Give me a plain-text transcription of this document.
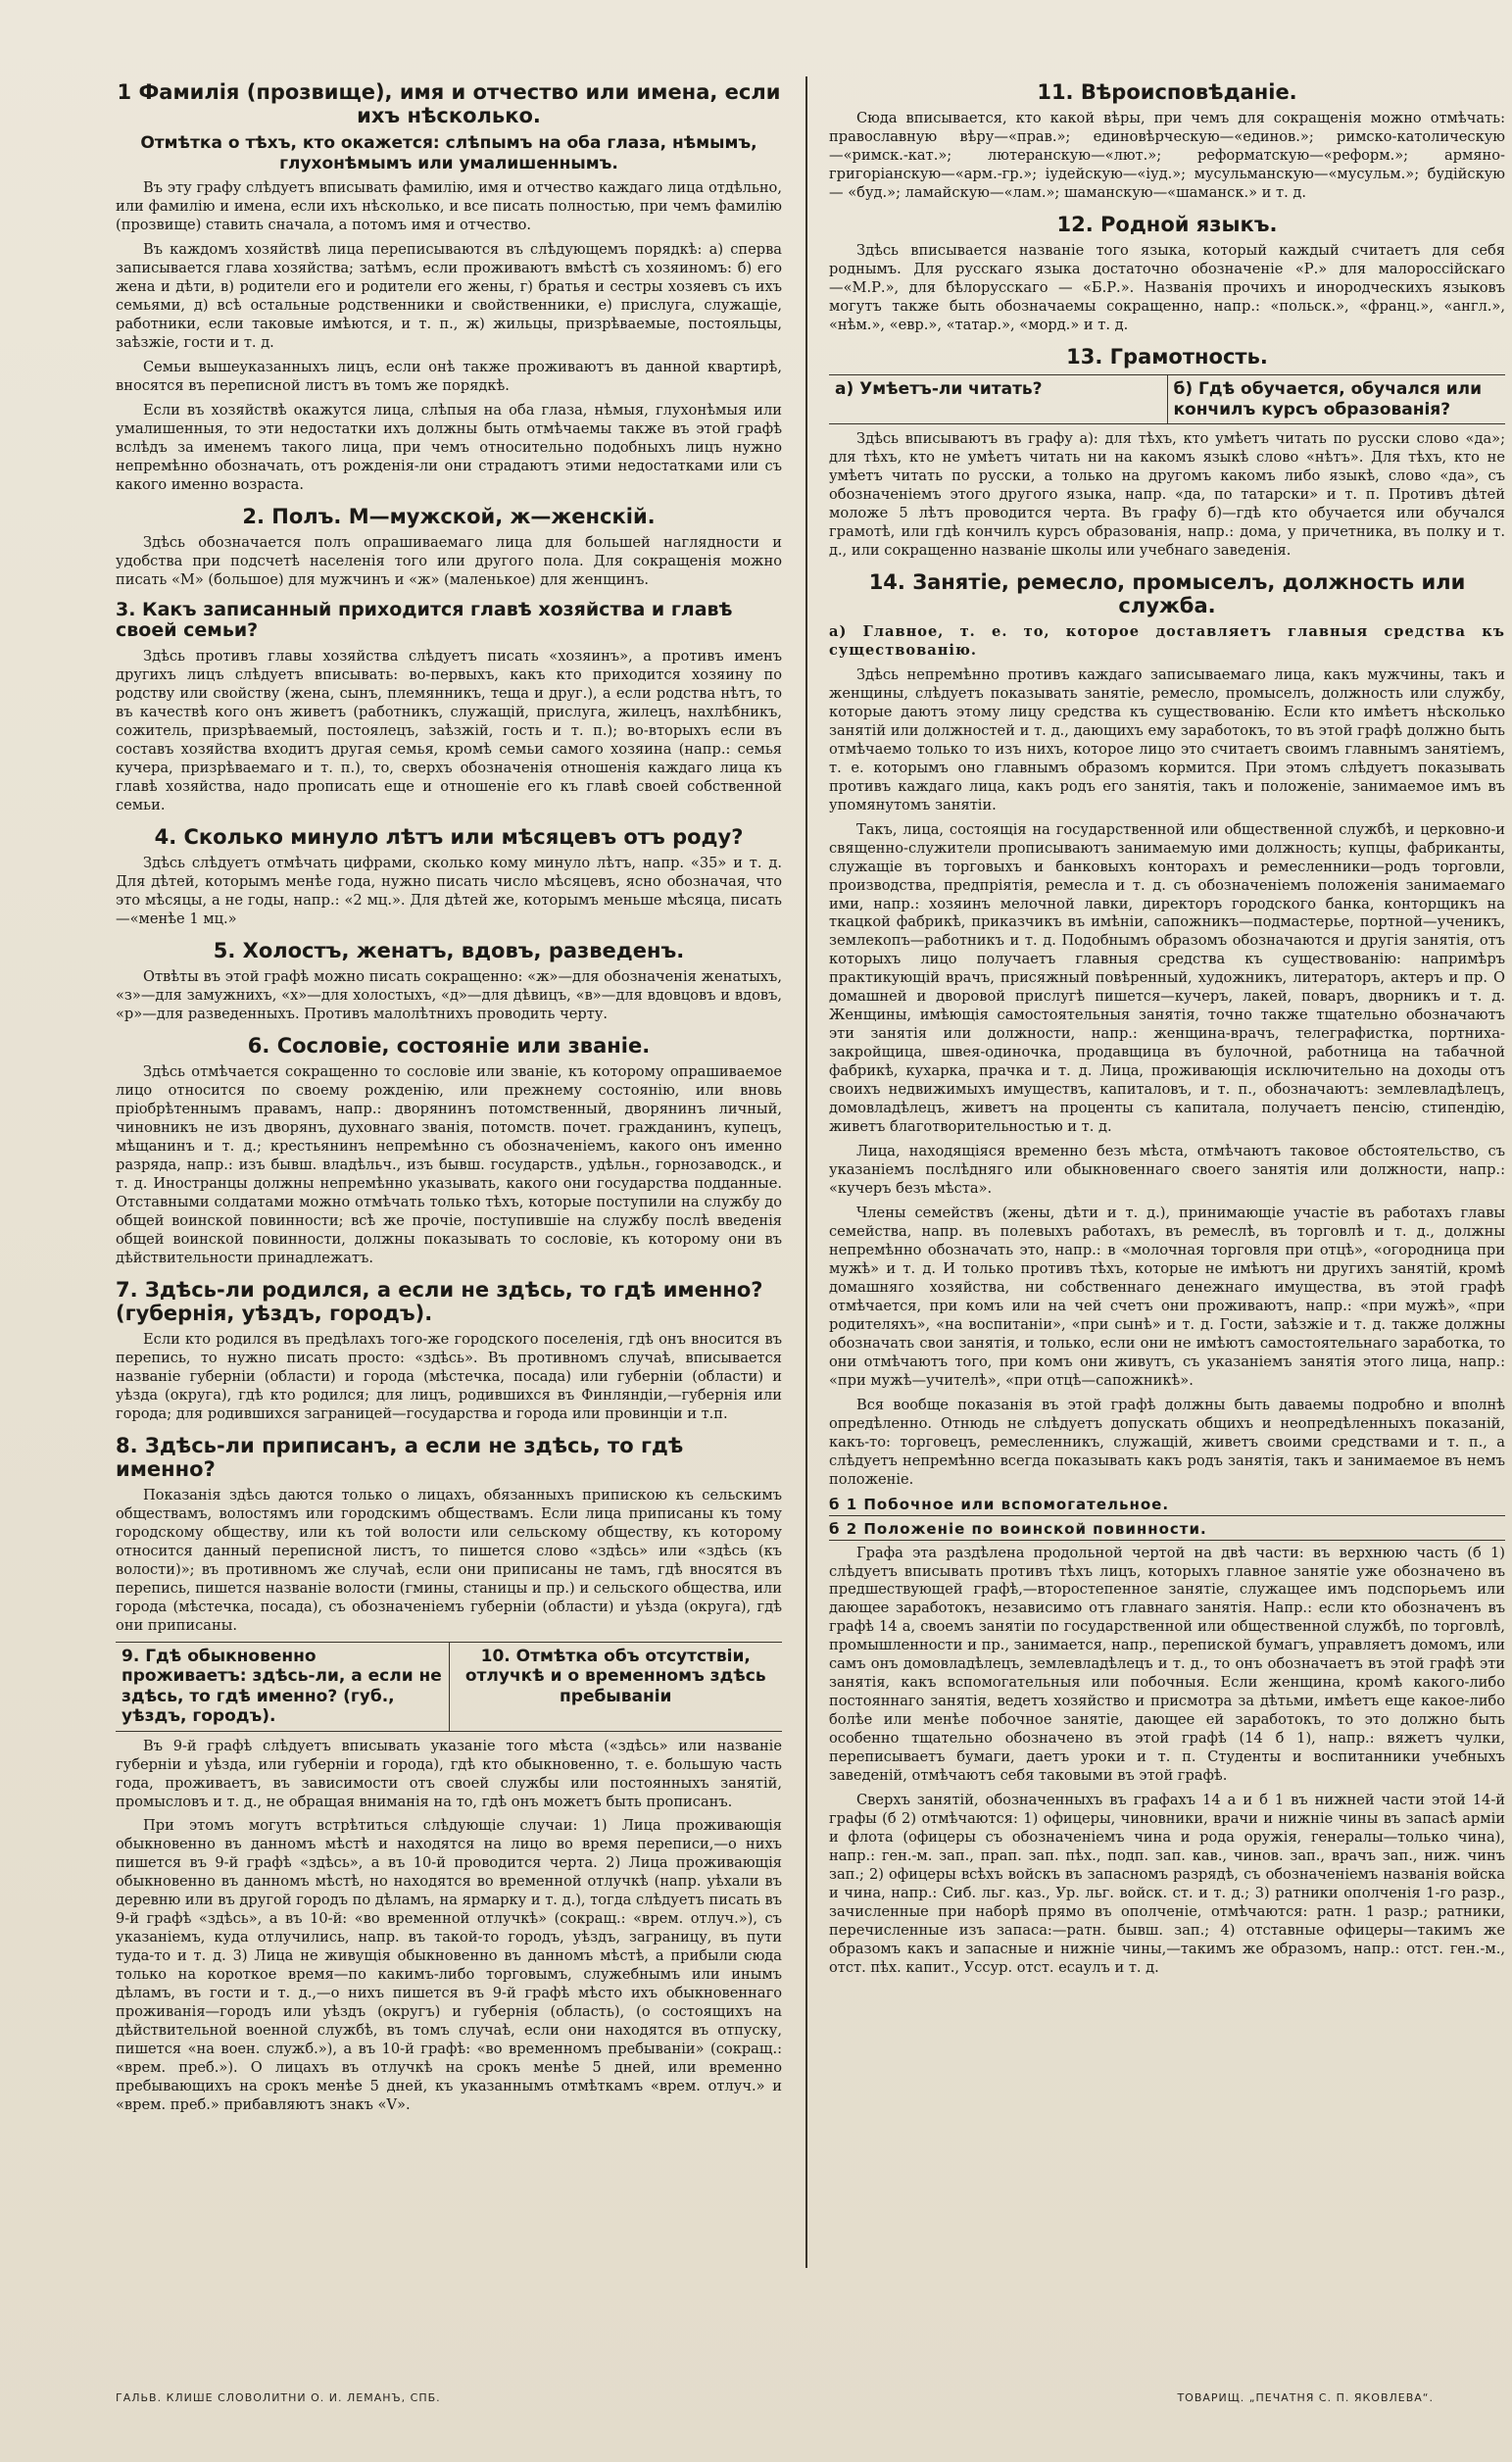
1 Фамилія (прозвище), имя и отчество или имена, если ихъ нѣсколько.
Отмѣтка о тѣхъ, кто окажется: слѣпымъ на оба глаза, нѣмымъ, глухонѣмымъ или умалишеннымъ.

Въ эту графу слѣдуетъ вписывать фамилію, имя и отчество каждаго лица отдѣльно, или фамилію и имена, если ихъ нѣсколько, и все писать полностью, при чемъ фамилію (прозвище) ставить сначала, а потомъ имя и отчество.

Въ каждомъ хозяйствѣ лица переписываются въ слѣдующемъ порядкѣ: а) сперва записывается глава хозяйства; затѣмъ, если проживаютъ вмѣстѣ съ хозяиномъ: б) его жена и дѣти, в) родители его и родители его жены, г) братья и сестры хозяевъ съ ихъ семьями, д) всѣ остальные родственники и свойственники, е) прислуга, служащіе, работники, если таковые имѣются, и т. п., ж) жильцы, призрѣваемые, постояльцы, заѣзжіе, гости и т. д.

Семьи вышеуказанныхъ лицъ, если онѣ также проживаютъ въ данной квартирѣ, вносятся въ переписной листъ въ томъ же порядкѣ.

Если въ хозяйствѣ окажутся лица, слѣпыя на оба глаза, нѣмыя, глухонѣмыя или умалишенныя, то эти недостатки ихъ должны быть отмѣчаемы также въ этой графѣ вслѣдъ за именемъ такого лица, при чемъ относительно подобныхъ лицъ нужно непремѣнно обозначать, отъ рожденія-ли они страдаютъ этими недостатками или съ какого именно возраста.

2. Полъ. М—мужской, ж—женскій.

Здѣсь обозначается полъ опрашиваемаго лица для большей наглядности и удобства при подсчетѣ населенія того или другого пола. Для сокращенія можно писать «М» (большое) для мужчинъ и «ж» (маленькое) для женщинъ.

3. Какъ записанный приходится главѣ хозяйства и главѣ своей семьи?

Здѣсь противъ главы хозяйства слѣдуетъ писать «хозяинъ», а противъ именъ другихъ лицъ слѣдуетъ вписывать: во-первыхъ, какъ кто приходится хозяину по родству или свойству (жена, сынъ, племянникъ, теща и друг.), а если родства нѣтъ, то въ качествѣ кого онъ живетъ (работникъ, служащій, прислуга, жилецъ, нахлѣбникъ, сожитель, призрѣваемый, постоялецъ, заѣзжій, гость и т. п.); во-вторыхъ если въ составъ хозяйства входитъ другая семья, кромѣ семьи самого хозяина (напр.: семья кучера, призрѣваемаго и т. п.), то, сверхъ обозначенія отношенія каждаго лица къ главѣ хозяйства, надо прописать еще и отношеніе его къ главѣ своей собственной семьи.

4. Сколько минуло лѣтъ или мѣсяцевъ отъ роду?

Здѣсь слѣдуетъ отмѣчать цифрами, сколько кому минуло лѣтъ, напр. «35» и т. д. Для дѣтей, которымъ менѣе года, нужно писать число мѣсяцевъ, ясно обозначая, что это мѣсяцы, а не годы, напр.: «2 мц.». Для дѣтей же, которымъ меньше мѣсяца, писать—«менѣе 1 мц.»

5. Холостъ, женатъ, вдовъ, разведенъ.

Отвѣты въ этой графѣ можно писать сокращенно: «ж»—для обозначенія женатыхъ, «з»—для замужнихъ, «х»—для холостыхъ, «д»—для дѣвицъ, «в»—для вдовцовъ и вдовъ, «р»—для разведенныхъ. Противъ малолѣтнихъ проводить черту.

6. Сословіе, состояніе или званіе.

Здѣсь отмѣчается сокращенно то сословіе или званіе, къ которому опрашиваемое лицо относится по своему рожденію, или прежнему состоянію, или вновь пріобрѣтеннымъ правамъ, напр.: дворянинъ потомственный, дворянинъ личный, чиновникъ не изъ дворянъ, духовнаго званія, потомств. почет. гражданинъ, купецъ, мѣщанинъ и т. д.; крестьянинъ непремѣнно съ обозначеніемъ, какого онъ именно разряда, напр.: изъ бывш. владѣльч., изъ бывш. государств., удѣльн., горнозаводск., и т. д. Иностранцы должны непремѣнно указывать, какого они государства подданные. Отставными солдатами можно отмѣчать только тѣхъ, которые поступили на службу до общей воинской повинности; всѣ же прочіе, поступившіе на службу послѣ введенія общей воинской повинности, должны показывать то сословіе, къ которому они въ дѣйствительности принадлежатъ.

7. Здѣсь-ли родился, а если не здѣсь, то гдѣ именно? (губернія, уѣздъ, городъ).

Если кто родился въ предѣлахъ того-же городского поселенія, гдѣ онъ вносится въ перепись, то нужно писать просто: «здѣсь». Въ противномъ случаѣ, вписывается названіе губерніи (области) и города (мѣстечка, посада) или губерніи (области) и уѣзда (округа), гдѣ кто родился; для лицъ, родившихся въ Финляндіи,—губернія или города; для родившихся заграницей—государства и города или провинціи и т.п.

8. Здѣсь-ли приписанъ, а если не здѣсь, то гдѣ именно?

Показанія здѣсь даются только о лицахъ, обязанныхъ припискою къ сельскимъ обществамъ, волостямъ или городскимъ обществамъ. Если лица приписаны къ тому городскому обществу, или къ той волости или сельскому обществу, къ которому относится данный переписной листъ, то пишется слово «здѣсь» или «здѣсь (къ волости)»; въ противномъ же случаѣ, если они приписаны не тамъ, гдѣ вносятся въ перепись, пишется названіе волости (гмины, станицы и пр.) и сельского общества, или города (мѣстечка, посада), съ обозначеніемъ губерніи (области) и уѣзда (округа), гдѣ они приписаны.

9. Гдѣ обыкновенно проживаетъ: здѣсь-ли, а если не здѣсь, то гдѣ именно? (губ., уѣздъ, городъ).
10. Отмѣтка объ отсутствіи, отлучкѣ и о временномъ здѣсь пребываніи

Въ 9-й графѣ слѣдуетъ вписывать указаніе того мѣста («здѣсь» или названіе губерніи и уѣзда, или губерніи и города), гдѣ кто обыкновенно, т. е. большую часть года, проживаетъ, въ зависимости отъ своей службы или постоянныхъ занятій, промысловъ и т. д., не обращая вниманія на то, гдѣ онъ можетъ быть прописанъ.

При этомъ могутъ встрѣтиться слѣдующіе случаи: 1) Лица проживающія обыкновенно въ данномъ мѣстѣ и находятся на лицо во время переписи,—о нихъ пишется въ 9-й графѣ «здѣсь», а въ 10-й проводится черта. 2) Лица проживающія обыкновенно въ данномъ мѣстѣ, но находятся во временной отлучкѣ (напр. уѣхали въ деревню или въ другой городъ по дѣламъ, на ярмарку и т. д.), тогда слѣдуетъ писать въ 9-й графѣ «здѣсь», а въ 10-й: «во временной отлучкѣ» (сокращ.: «врем. отлуч.»), съ указаніемъ, куда отлучились, напр. въ такой-то городъ, уѣздъ, заграницу, въ пути туда-то и т. д. 3) Лица не живущія обыкновенно въ данномъ мѣстѣ, а прибыли сюда только на короткое время—по какимъ-либо торговымъ, служебнымъ или инымъ дѣламъ, въ гости и т. д.,—о нихъ пишется въ 9-й графѣ мѣсто ихъ обыкновеннаго проживанія—городъ или уѣздъ (округъ) и губернія (область), (о состоящихъ на дѣйствительной военной службѣ, въ томъ случаѣ, если они находятся въ отпуску, пишется «на воен. служб.»), а въ 10-й графѣ: «во временномъ пребываніи» (сокращ.: «врем. преб.»). О лицахъ въ отлучкѣ на срокъ менѣе 5 дней, или временно пребывающихъ на срокъ менѣе 5 дней, къ указаннымъ отмѣткамъ «врем. отлуч.» и «врем. преб.» прибавляютъ знакъ «V».

11. Вѣроисповѣданіе.

Сюда вписывается, кто какой вѣры, при чемъ для сокращенія можно отмѣчать: православную вѣру—«прав.»; единовѣрческую—«единов.»; римско-католическую—«римск.-кат.»; лютеранскую—«лют.»; реформатскую—«реформ.»; армяно-григоріанскую—«арм.-гр.»; іудейскую—«іуд.»; мусульманскую—«мусульм.»; будійскую — «буд.»; ламайскую—«лам.»; шаманскую—«шаманск.» и т. д.

12. Родной языкъ.

Здѣсь вписывается названіе того языка, который каждый считаетъ для себя роднымъ. Для русскаго языка достаточно обозначеніе «Р.» для малороссійскаго—«М.Р.», для бѣлорусскаго — «Б.Р.». Названія прочихъ и инородческихъ языковъ могутъ также быть обозначаемы сокращенно, напр.: «польск.», «франц.», «англ.», «нѣм.», «евр.», «татар.», «морд.» и т. д.

13. Грамотность.
а) Умѣетъ-ли читать?	б) Гдѣ обучается, обучался или кончилъ курсъ образованія?

Здѣсь вписываютъ въ графу а): для тѣхъ, кто умѣетъ читать по русски слово «да»; для тѣхъ, кто не умѣетъ читать ни на какомъ языкѣ слово «нѣтъ». Для тѣхъ, кто не умѣетъ читать по русски, а только на другомъ какомъ либо языкѣ, слово «да», съ обозначеніемъ этого другого языка, напр. «да, по татарски» и т. п. Противъ дѣтей моложе 5 лѣтъ проводится черта. Въ графу б)—гдѣ кто обучается или обучался грамотѣ, или гдѣ кончилъ курсъ образованія, напр.: дома, у причетника, въ полку и т. д., или сокращенно названіе школы или учебнаго заведенія.

14. Занятіе, ремесло, промыселъ, должность или служба.

а) Главное, т. е. то, которое доставляетъ главныя средства къ существованію.

Здѣсь непремѣнно противъ каждаго записываемаго лица, какъ мужчины, такъ и женщины, слѣдуетъ показывать занятіе, ремесло, промыселъ, должность или службу, которые даютъ этому лицу средства къ существованію. Если кто имѣетъ нѣсколько занятій или должностей и т. д., дающихъ ему заработокъ, то въ этой графѣ должно быть отмѣчаемо только то изъ нихъ, которое лицо это считаетъ своимъ главнымъ занятіемъ, т. е. которымъ оно главнымъ образомъ кормится. При этомъ слѣдуетъ показывать противъ каждаго лица, какъ родъ его занятія, такъ и положеніе, занимаемое имъ въ упомянутомъ занятіи.

Такъ, лица, состоящія на государственной или общественной службѣ, и церковно-и священно-служители прописываютъ занимаемую ими должность; купцы, фабриканты, служащіе въ торговыхъ и банковыхъ конторахъ и ремесленники—родъ торговли, производства, предпріятія, ремесла и т. д. съ обозначеніемъ положенія занимаемаго ими, напр.: хозяинъ мелочной лавки, директоръ городского банка, конторщикъ на ткацкой фабрикѣ, приказчикъ въ имѣніи, сапожникъ—подмастерье, портной—ученикъ, землекопъ—работникъ и т. д. Подобнымъ образомъ обозначаются и другія занятія, отъ которыхъ лицо получаетъ главныя средства къ существованію: напримѣръ практикующій врачъ, присяжный повѣренный, художникъ, литераторъ, актеръ и пр. О домашней и дворовой прислугѣ пишется—кучеръ, лакей, поваръ, дворникъ и т. д. Женщины, имѣющія самостоятельныя занятія, точно также тщательно обозначаютъ эти занятія или должности, напр.: женщина-врачъ, телеграфистка, портниха-закройщица, швея-одиночка, продавщица въ булочной, работница на табачной фабрикѣ, кухарка, прачка и т. д. Лица, проживающія исключительно на доходы отъ своихъ недвижимыхъ имуществъ, капиталовъ, и т. п., обозначаютъ: землевладѣлецъ, домовладѣлецъ, живетъ на проценты съ капитала, получаетъ пенсію, стипендію, живетъ благотворительностью и т. д.

Лица, находящіяся временно безъ мѣста, отмѣчаютъ таковое обстоятельство, съ указаніемъ послѣдняго или обыкновеннаго своего занятія или должности, напр.: «кучеръ безъ мѣста».

Члены семействъ (жены, дѣти и т. д.), принимающіе участіе въ работахъ главы семейства, напр. въ полевыхъ работахъ, въ ремеслѣ, въ торговлѣ и т. д., должны непремѣнно обозначать это, напр.: в «молочная торговля при отцѣ», «огородница при мужѣ» и т. д. И только противъ тѣхъ, которые не имѣютъ ни другихъ занятій, кромѣ домашняго хозяйства, ни собственнаго денежнаго имущества, въ этой графѣ отмѣчается, при комъ или на чей счетъ они проживаютъ, напр.: «при мужѣ», «при родителяхъ», «на воспитаніи», «при сынѣ» и т. д. Гости, заѣзжіе и т. д. также должны обозначать свои занятія, и только, если они не имѣютъ самостоятельнаго заработка, то они отмѣчаютъ того, при комъ они живутъ, съ указаніемъ занятія этого лица, напр.: «при мужѣ—учителѣ», «при отцѣ—сапожникѣ».

Вся вообще показанія въ этой графѣ должны быть даваемы подробно и вполнѣ опредѣленно. Отнюдь не слѣдуетъ допускать общихъ и неопредѣленныхъ показаній, какъ-то: торговецъ, ремесленникъ, служащій, живетъ своими средствами и т. п., а слѣдуетъ непремѣнно всегда показывать какъ родъ занятія, такъ и занимаемое въ немъ положеніе.

б 1 Побочное или вспомогательное.
б 2 Положеніе по воинской повинности.

Графа эта раздѣлена продольной чертой на двѣ части: въ верхнюю часть (б 1) слѣдуетъ вписывать противъ тѣхъ лицъ, которыхъ главное занятіе уже обозначено въ предшествующей графѣ,—второстепенное занятіе, служащее имъ подспорьемъ или дающее заработокъ, независимо отъ главнаго занятія. Напр.: если кто обозначенъ въ графѣ 14 а, своемъ занятіи по государственной или общественной службѣ, по торговлѣ, промышленности и пр., занимается, напр., перепиской бумагъ, управляетъ домомъ, или самъ онъ домовладѣлецъ, землевладѣлецъ и т. д., то онъ обозначаетъ въ этой графѣ эти занятія, какъ вспомогательныя или побочныя. Если женщина, кромѣ какого-либо постояннаго занятія, ведетъ хозяйство и присмотра за дѣтьми, имѣетъ еще какое-либо болѣе или менѣе побочное занятіе, дающее ей заработокъ, то это должно быть особенно тщательно обозначено въ этой графѣ (14 б 1), напр.: вяжетъ чулки, переписываетъ бумаги, даетъ уроки и т. п. Студенты и воспитанники учебныхъ заведеній, отмѣчаютъ себя таковыми въ этой графѣ.

Сверхъ занятій, обозначенныхъ въ графахъ 14 а и б 1 въ нижней части этой 14-й графы (б 2) отмѣчаются: 1) офицеры, чиновники, врачи и нижніе чины въ запасѣ арміи и флота (офицеры съ обозначеніемъ чина и рода оружія, генералы—только чина), напр.: ген.-м. зап., прап. зап. пѣх., подп. зап. кав., чинов. зап., врачъ зап., ниж. чинъ зап.; 2) офицеры всѣхъ войскъ въ запасномъ разрядѣ, съ обозначеніемъ названія войска и чина, напр.: Сиб. льг. каз., Ур. льг. войск. ст. и т. д.; 3) ратники ополченія 1-го разр., зачисленные при наборѣ прямо въ ополченіе, отмѣчаются: ратн. 1 разр.; ратники, перечисленные изъ запаса:—ратн. бывш. зап.; 4) отставные офицеры—такимъ же образомъ какъ и запасные и нижніе чины,—такимъ же образомъ, напр.: отст. ген.-м., отст. пѣх. капит., Уссур. отст. есаулъ и т. д.

ГАЛЬВ. КЛИШЕ СЛОВОЛИТНИ О. И. ЛЕМАНЪ, СПБ.	ТОВАРИЩ. „ПЕЧАТНЯ С. П. ЯКОВЛЕВА“.
